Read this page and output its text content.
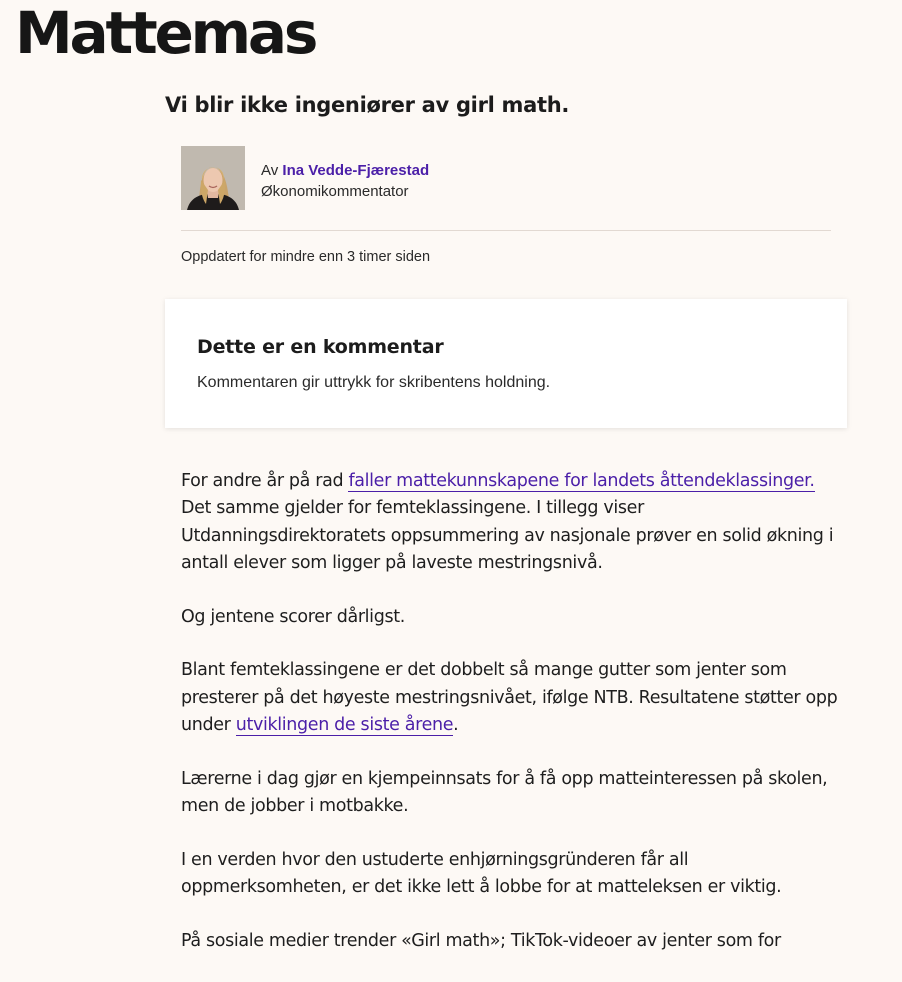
Mattemas
Vi blir ikke ingeniører av girl math.
Av Ina Vedde-Fjærestad
Økonomikommentator
Oppdatert for mindre enn 3 timer siden
Dette er en kommentar

Kommentaren gir uttrykk for skribentens holdning.

For andre år på rad faller mattekunnskapene for landets åttendeklassinger. Det samme gjelder for femteklassingene. I tillegg viser Utdanningsdirektoratets oppsummering av nasjonale prøver en solid økning i antall elever som ligger på laveste mestringsnivå.

Og jentene scorer dårligst.

Blant femteklassingene er det dobbelt så mange gutter som jenter som presterer på det høyeste mestringsnivået, ifølge NTB. Resultatene støtter opp under utviklingen de siste årene.

Lærerne i dag gjør en kjempeinnsats for å få opp matteinteressen på skolen, men de jobber i motbakke.

I en verden hvor den ustuderte enhjørningsgründeren får all oppmerksomheten, er det ikke lett å lobbe for at matteleksen er viktig.

På sosiale medier trender «Girl math»; TikTok-videoer av jenter som for
